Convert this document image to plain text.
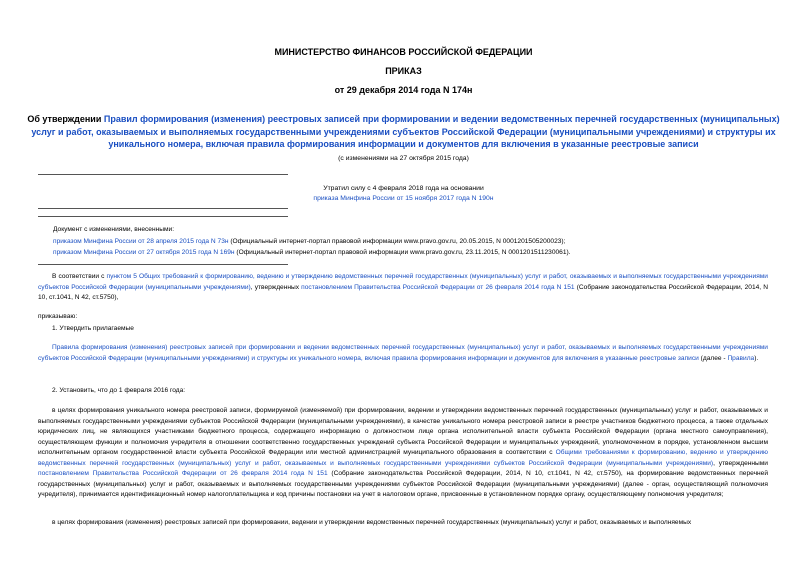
МИНИСТЕРСТВО ФИНАНСОВ РОССИЙСКОЙ ФЕДЕРАЦИИ
ПРИКАЗ
от 29 декабря 2014 года N 174н
Об утверждении Правил формирования (изменения) реестровых записей при формировании и ведении ведомственных перечней государственных (муниципальных) услуг и работ, оказываемых и выполняемых государственными учреждениями субъектов Российской Федерации (муниципальными учреждениями) и структуры их уникального номера, включая правила формирования информации и документов для включения в указанные реестровые записи
(с изменениями на 27 октября 2015 года)
Утратил силу с 4 февраля 2018 года на основании
приказа Минфина России от 15 ноября 2017 года N 190н
Документ с изменениями, внесенными:
приказом Минфина России от 28 апреля 2015 года N 73н (Официальный интернет-портал правовой информации www.pravo.gov.ru, 20.05.2015, N 0001201505200023);
приказом Минфина России от 27 октября 2015 года N 169н (Официальный интернет-портал правовой информации www.pravo.gov.ru, 23.11.2015, N 0001201511230061).
В соответствии с пунктом 5 Общих требований к формированию, ведению и утверждению ведомственных перечней государственных (муниципальных) услуг и работ, оказываемых и выполняемых государственными учреждениями субъектов Российской Федерации (муниципальными учреждениями), утвержденных постановлением Правительства Российской Федерации от 26 февраля 2014 года N 151 (Собрание законодательства Российской Федерации, 2014, N 10, ст.1041, N 42, ст.5750),
приказываю:
1. Утвердить прилагаемые
Правила формирования (изменения) реестровых записей при формировании и ведении ведомственных перечней государственных (муниципальных) услуг и работ, оказываемых и выполняемых государственными учреждениями субъектов Российской Федерации (муниципальными учреждениями) и структуры их уникального номера, включая правила формирования информации и документов для включения в указанные реестровые записи (далее - Правила).
2. Установить, что до 1 февраля 2016 года:
в целях формирования уникального номера реестровой записи, формируемой (изменяемой) при формировании, ведении и утверждении ведомственных перечней государственных (муниципальных) услуг и работ, оказываемых и выполняемых государственными учреждениями субъектов Российской Федерации (муниципальными учреждениями), в качестве уникального номера реестровой записи в реестре участников бюджетного процесса, а также отдельных юридических лиц, не являющихся участниками бюджетного процесса, содержащего информацию о должностном лице органа исполнительной власти субъекта Российской Федерации (органа местного самоуправления), осуществляющем функции и полномочия учредителя в отношении соответственно государственных учреждений субъекта Российской Федерации и муниципальных учреждений, уполномоченном в порядке, установленном высшим исполнительным органом государственной власти субъекта Российской Федерации или местной администрацией муниципального образования в соответствии с Общими требованиями к формированию, ведению и утверждению ведомственных перечней государственных (муниципальных) услуг и работ, оказываемых и выполняемых государственными учреждениями субъектов Российской Федерации (муниципальными учреждениями), утвержденными постановлением Правительства Российской Федерации от 26 февраля 2014 года N 151 (Собрание законодательства Российской Федерации, 2014, N 10, ст.1041, N 42, ст.5750), на формирование ведомственных перечней государственных (муниципальных) услуг и работ, оказываемых и выполняемых государственными учреждениями субъектов Российской Федерации (муниципальными учреждениями) (далее - орган, осуществляющий полномочия учредителя), принимается идентификационный номер налогоплательщика и код причины постановки на учет в налоговом органе, присвоенные в установленном порядке органу, осуществляющему полномочия учредителя;
в целях формирования (изменения) реестровых записей при формировании, ведении и утверждении ведомственных перечней государственных (муниципальных) услуг и работ, оказываемых и выполняемых
